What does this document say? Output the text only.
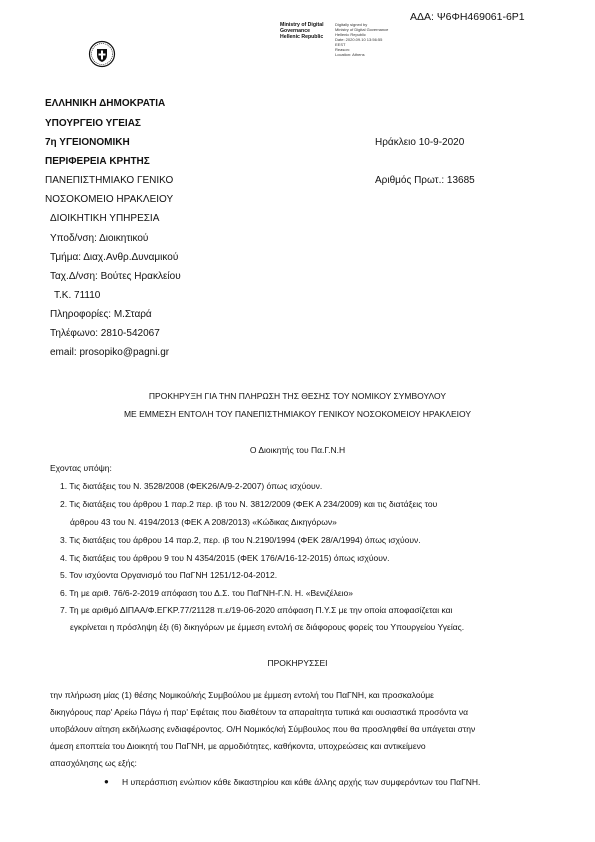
ΑΔΑ: Ψ6ΦΗ469061-6Ρ1
Ministry of Digital
Governance
Hellenic Republic
Digitally signed by
Ministry of Digital Governance
Hellenic Republic
Date: 2020.09.10 13:56:55
EEST
Reason:
Location: Athens
ΕΛΛΗΝΙΚΗ ΔΗΜΟΚΡΑΤΙΑ
ΥΠΟΥΡΓΕΙΟ ΥΓΕΙΑΣ
7η ΥΓΕΙΟΝΟΜΙΚΗ
ΠΕΡΙΦΕΡΕΙΑ ΚΡΗΤΗΣ
ΠΑΝΕΠΙΣΤΗΜΙΑΚΟ ΓΕΝΙΚΟ
ΝΟΣΟΚΟΜΕΙΟ ΗΡΑΚΛΕΙΟΥ
ΔΙΟΙΚΗΤΙΚΗ ΥΠΗΡΕΣΙΑ
Υποδ/νση: Διοικητικού
Τμήμα: Διαχ.Ανθρ.Δυναμικού
Ταχ.Δ/νση: Βούτες Ηρακλείου
Τ.Κ. 71110
Πληροφορίες: Μ.Σταρά
Τηλέφωνο: 2810-542067
email: prosopiko@pagni.gr
Ηράκλειο 10-9-2020
Αριθμός Πρωτ.: 13685
ΠΡΟΚΗΡΥΞΗ ΓΙΑ ΤΗΝ ΠΛΗΡΩΣΗ ΤΗΣ ΘΕΣΗΣ ΤΟΥ ΝΟΜΙΚΟΥ ΣΥΜΒΟΥΛΟΥ
ΜΕ ΕΜΜΕΣΗ ΕΝΤΟΛΗ ΤΟΥ ΠΑΝΕΠΙΣΤΗΜΙΑΚΟΥ ΓΕΝΙΚΟΥ ΝΟΣΟΚΟΜΕΙΟΥ ΗΡΑΚΛΕΙΟΥ
Ο Διοικητής του Πα.Γ.Ν.Η
Εχοντας υπόψη:
1. Τις διατάξεις του Ν. 3528/2008 (ΦΕΚ26/Α/9-2-2007) όπως ισχύουν.
2. Τις διατάξεις του άρθρου 1 παρ.2 περ. ιβ του Ν. 3812/2009 (ΦΕΚ Α 234/2009) και τις διατάξεις του
άρθρου 43 του Ν. 4194/2013 (ΦΕΚ Α 208/2013) «Κώδικας Δικηγόρων»
3. Τις διατάξεις του άρθρου 14 παρ.2, περ. ιβ του Ν.2190/1994 (ΦΕΚ 28/Α/1994) όπως ισχύουν.
4. Τις διατάξεις του άρθρου 9 του Ν 4354/2015 (ΦΕΚ 176/Α/16-12-2015) όπως ισχύουν.
5. Τον ισχύοντα Οργανισμό του ΠαΓΝΗ 1251/12-04-2012.
6. Τη με αριθ. 76/6-2-2019 απόφαση του Δ.Σ. του ΠαΓΝΗ-Γ.Ν. Η. «Βενιζέλειο»
7. Τη με αριθμό ΔΙΠΑΑ/Φ.ΕΓΚΡ.77/21128 π.ε/19-06-2020 απόφαση Π.Υ.Σ με την οποία αποφασίζεται και
εγκρίνεται η πρόσληψη έξι (6) δικηγόρων με έμμεση εντολή σε διάφορους φορείς του Υπουργείου Υγείας.
ΠΡΟΚΗΡΥΣΣΕΙ
την πλήρωση μίας (1) θέσης Νομικού/κής Συμβούλου με έμμεση εντολή του ΠαΓΝΗ, και προσκαλούμε
δικηγόρους παρ' Αρείω Πάγω ή παρ' Εφέταις που διαθέτουν τα απαραίτητα τυπικά και ουσιαστικά προσόντα να
υποβάλουν αίτηση εκδήλωσης ενδιαφέροντος. Ο/Η Νομικός/κή Σύμβουλος που θα προσληφθεί θα υπάγεται στην
άμεση εποπτεία του Διοικητή του ΠαΓΝΗ, με αρμοδιότητες, καθήκοντα, υποχρεώσεις και αντικείμενο
απασχόλησης ως εξής:
● Η υπεράσπιση ενώπιον κάθε δικαστηρίου και κάθε άλλης αρχής των συμφερόντων του ΠαΓΝΗ.
